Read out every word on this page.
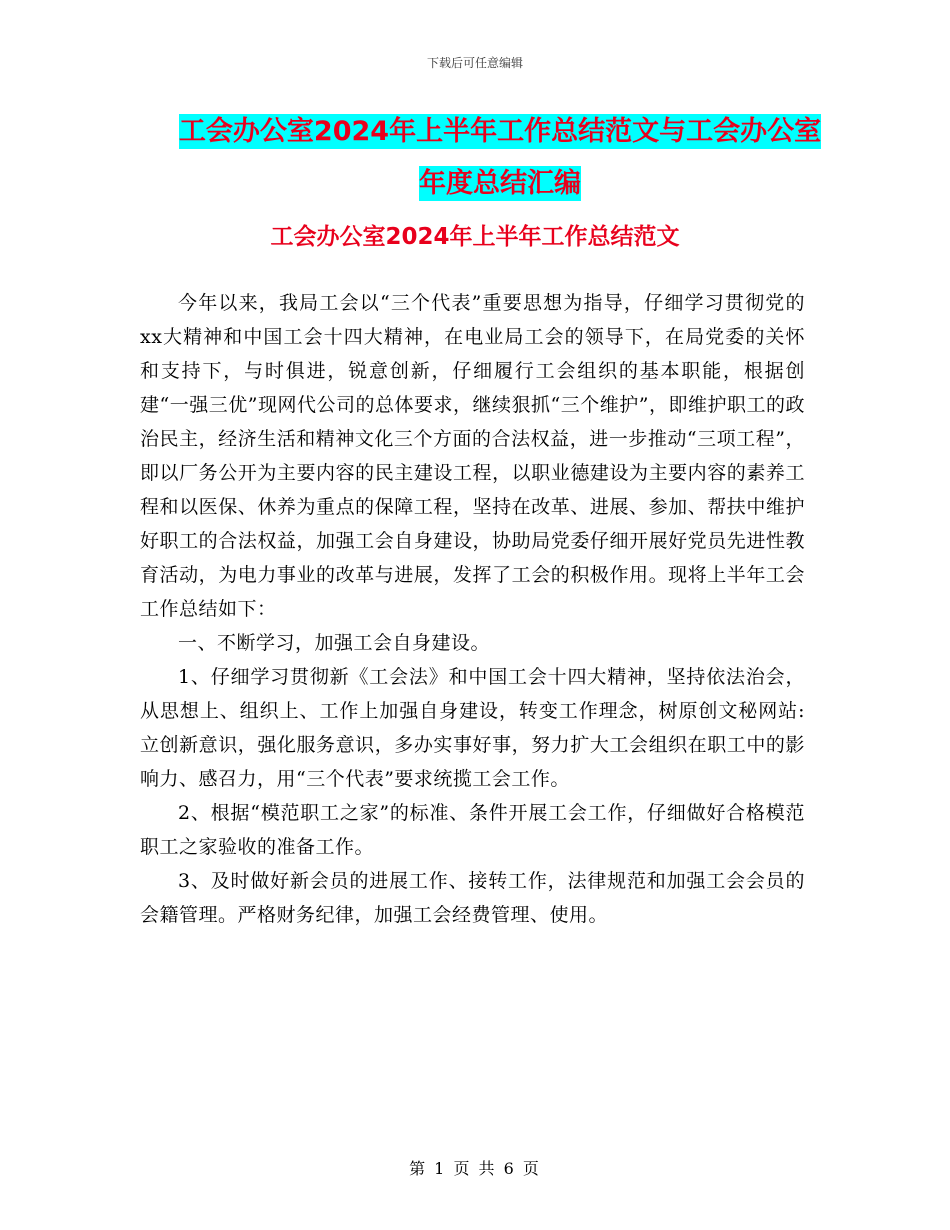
下载后可任意编辑
工会办公室2024年上半年工作总结范文与工会办公室
年度总结汇编
工会办公室2024年上半年工作总结范文

今年以来，我局工会以“三个代表”重要思想为指导，仔细学习贯彻党的xx大精神和中国工会十四大精神，在电业局工会的领导下，在局党委的关怀和支持下，与时俱进，锐意创新，仔细履行工会组织的基本职能，根据创建“一强三优”现网代公司的总体要求，继续狠抓“三个维护”，即维护职工的政治民主，经济生活和精神文化三个方面的合法权益，进一步推动“三项工程”，即以厂务公开为主要内容的民主建设工程，以职业德建设为主要内容的素养工程和以医保、休养为重点的保障工程，坚持在改革、进展、参加、帮扶中维护好职工的合法权益，加强工会自身建设，协助局党委仔细开展好党员先进性教育活动，为电力事业的改革与进展，发挥了工会的积极作用。现将上半年工会工作总结如下：

一、不断学习，加强工会自身建设。

1、仔细学习贯彻新《工会法》和中国工会十四大精神，坚持依法治会，从思想上、组织上、工作上加强自身建设，转变工作理念，树原创文秘网站:立创新意识，强化服务意识，多办实事好事，努力扩大工会组织在职工中的影响力、感召力，用“三个代表”要求统揽工会工作。

2、根据“模范职工之家”的标准、条件开展工会工作，仔细做好合格模范职工之家验收的准备工作。

3、及时做好新会员的进展工作、接转工作，法律规范和加强工会会员的会籍管理。严格财务纪律，加强工会经费管理、使用。

第 1 页 共 6 页
